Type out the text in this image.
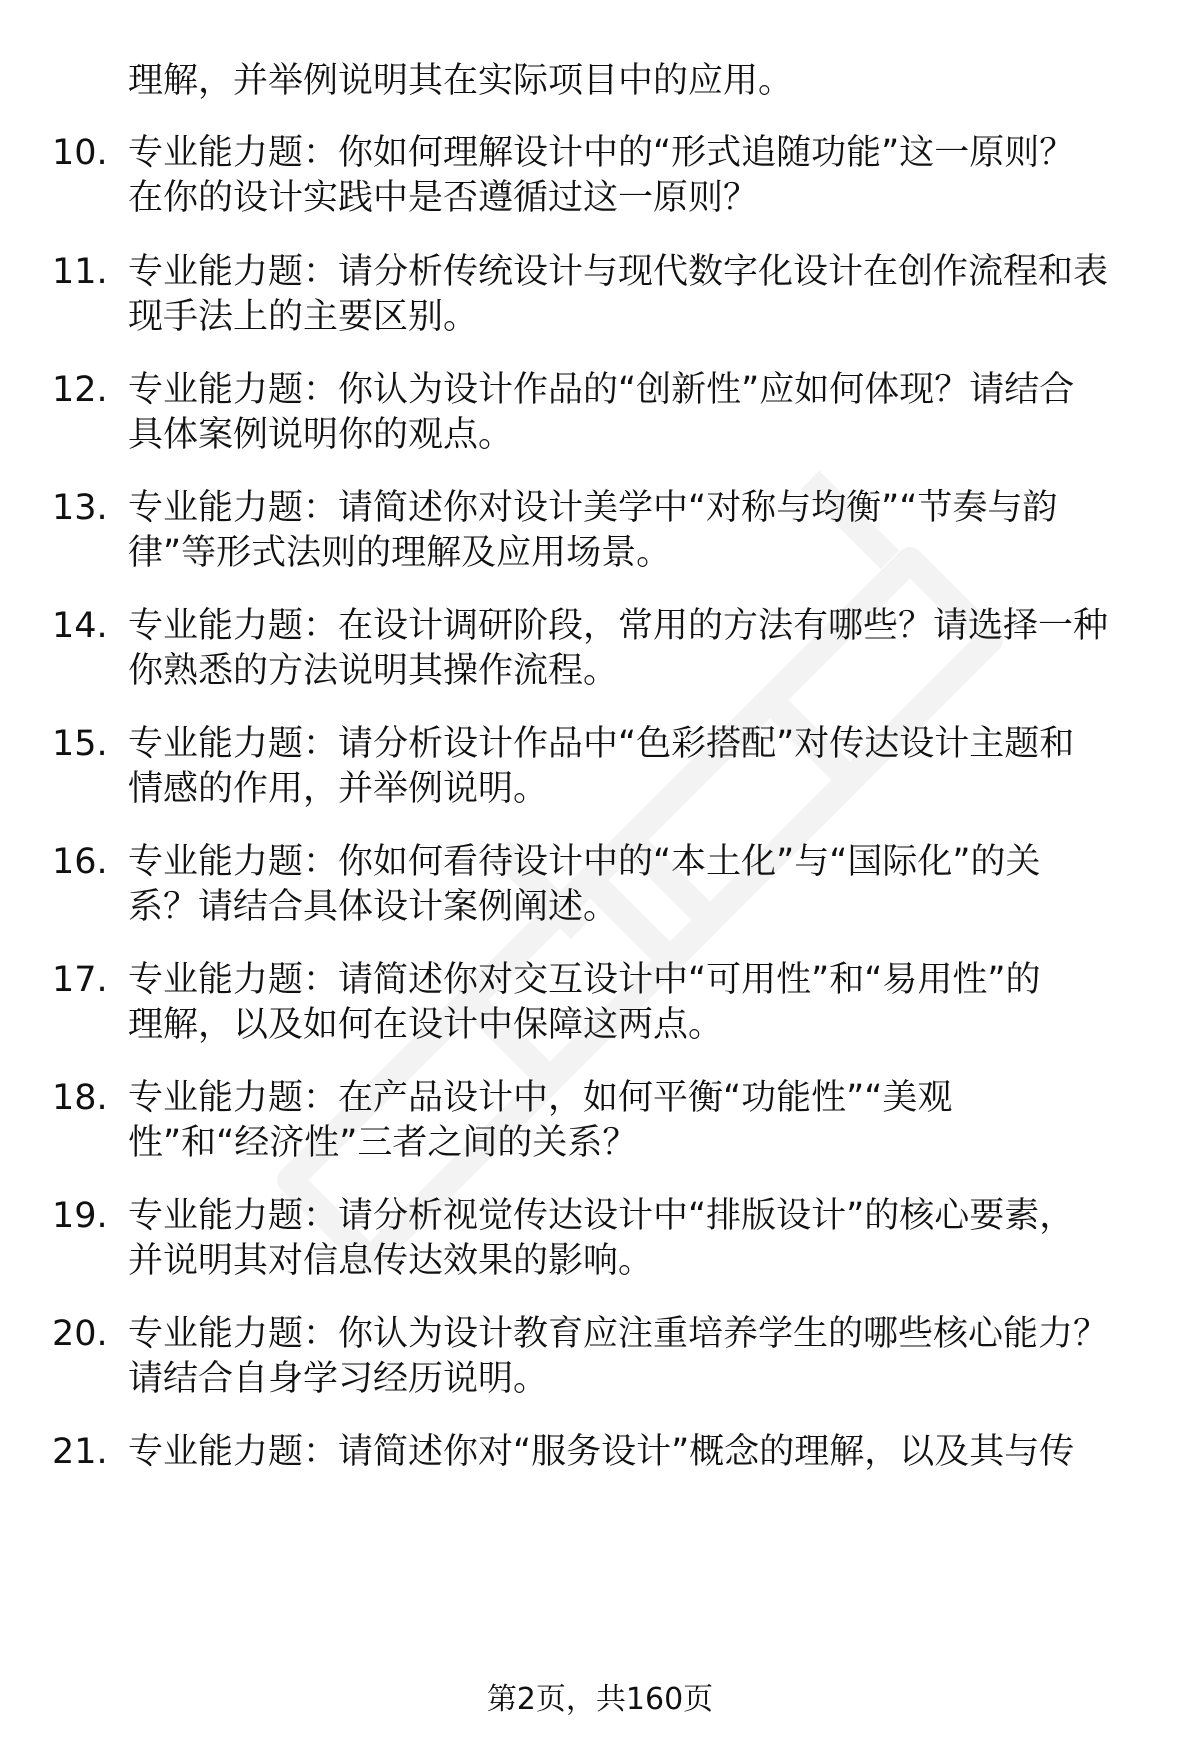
理解，并举例说明其在实际项目中的应用。
10. 专业能力题：你如何理解设计中的“形式追随功能”这一原则？
在你的设计实践中是否遵循过这一原则？
11. 专业能力题：请分析传统设计与现代数字化设计在创作流程和表
现手法上的主要区别。
12. 专业能力题：你认为设计作品的“创新性”应如何体现？请结合
具体案例说明你的观点。
13. 专业能力题：请简述你对设计美学中“对称与均衡”“节奏与韵
律”等形式法则的理解及应用场景。
14. 专业能力题：在设计调研阶段，常用的方法有哪些？请选择一种
你熟悉的方法说明其操作流程。
15. 专业能力题：请分析设计作品中“色彩搭配”对传达设计主题和
情感的作用，并举例说明。
16. 专业能力题：你如何看待设计中的“本土化”与“国际化”的关
系？请结合具体设计案例阐述。
17. 专业能力题：请简述你对交互设计中“可用性”和“易用性”的
理解，以及如何在设计中保障这两点。
18. 专业能力题：在产品设计中，如何平衡“功能性”“美观
性”和“经济性”三者之间的关系？
19. 专业能力题：请分析视觉传达设计中“排版设计”的核心要素，
并说明其对信息传达效果的影响。
20. 专业能力题：你认为设计教育应注重培养学生的哪些核心能力？
请结合自身学习经历说明。
21. 专业能力题：请简述你对“服务设计”概念的理解，以及其与传
第2页，共160页
